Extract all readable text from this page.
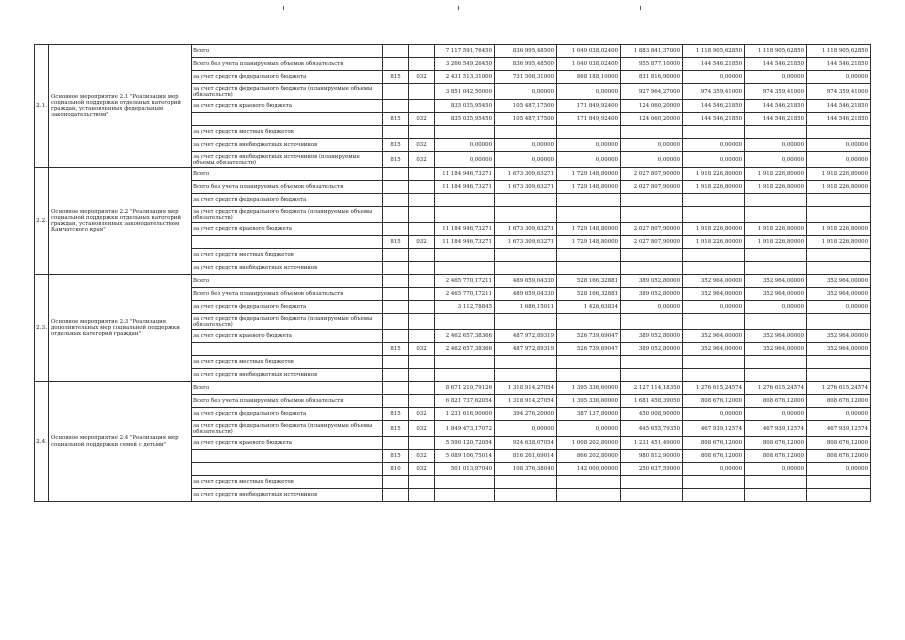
2.1.	Основное мероприятие 2.1 "Реализация мер социальной поддержки отдельных категорий граждан, установленных федеральным законодательством"	Всего			7 117 591,76450	836 995,48500	1 049 038,02400	1 883 841,37000	1 118 905,62850	1 118 905,62850	1 118 905,62850
		Всего без учета планируемых объемов обязательств			3 266 549,26450	836 995,48500	1 040 038,02400	955 877,10000	144 546,21850	144 546,21850	144 546,21850
		за счет средств федерального бюджета	815	032	2 431 513,31000	731 508,31000	868 188,10000	831 816,90000	0,00000	0,00000	0,00000
		за счет средств федерального бюджета (планируемые объемы обязательств)			3 851 042,50000	0,00000	0,00000	927 964,27000	974 359,41000	974 359,41000	974 359,41000
		за счет средств краевого бюджета			835 035,95450	105 487,17500	171 849,92400	124 060,20000	144 546,21850	144 546,21850	144 546,21850
			815	032	835 035,95450	105 487,17500	171 849,92400	124 060,20000	144 546,21850	144 546,21850	144 546,21850
		за счет средств местных бюджетов									
		за счет средств внебюджетных источников	815	032	0,00000	0,00000	0,00000	0,00000	0,00000	0,00000	0,00000
		за счет средств внебюджетных источников (планируемые объемы обязательств)	815	032	0,00000	0,00000	0,00000	0,00000	0,00000	0,00000	0,00000
2.2.	Основное мероприятие 2.2 "Реализация мер социальной поддержки отдельных категорий граждан, установленных законодательством Камчатского края"	Всего			11 184 946,73271	1 673 309,63271	1 729 148,80000	2 027 807,90000	1 918 226,80000	1 918 226,80000	1 918 226,80000
		Всего без учета планируемых объемов обязательств			11 184 946,73271	1 673 309,63271	1 729 148,80000	2 027 807,90000	1 918 226,80000	1 918 226,80000	1 918 226,80000
		за счет средств федерального бюджета									
		за счет средств федерального бюджета (планируемые объемы обязательств)									
		за счет средств краевого бюджета			11 184 946,73271	1 673 309,63271	1 729 148,80000	2 027 807,90000	1 918 226,80000	1 918 226,80000	1 918 226,80000
			815	032	11 184 946,73271	1 673 309,63271	1 729 148,80000	2 027 807,90000	1 918 226,80000	1 918 226,80000	1 918 226,80000
		за счет средств местных бюджетов									
		за счет средств внебюджетных источников									
2.3.	Основное мероприятие 2.3 "Реализация дополнительных мер социальной поддержки отдельных категорий граждан"	Всего			2 465 770,17211	489 659,04330	528 166,32881	389 052,80000	352 964,00000	352 964,00000	352 964,00000
		Всего без учета планируемых объемов обязательств			2 465 770,17211	489 659,04330	528 166,32881	389 052,80000	352 964,00000	352 964,00000	352 964,00000
		за счет средств федерального бюджета			3 112,78845	1 686,15011	1 426,63834	0,00000	0,00000	0,00000	0,00000
		за счет средств федерального бюджета (планируемые объемы обязательств)									
		за счет средств краевого бюджета			2 462 657,38366	487 972,89319	526 739,69047	389 052,80000	352 964,00000	352 964,00000	352 964,00000
			815	032	2 462 657,38366	487 972,89319	526 739,69047	389 052,80000	352 964,00000	352 964,00000	352 964,00000
		за счет средств местных бюджетов									
		за счет средств внебюджетных источников									
2.4.	Основное мероприятие 2.4 "Реализация мер социальной поддержки семей с детьми"	Всего			8 671 210,79126	1 318 914,27054	1 395 336,60000	2 127 114,18350	1 276 615,24574	1 276 615,24574	1 276 615,24574
		Всего без учета планируемых объемов обязательств			6 821 737,62054	1 318 914,27054	1 395 336,60000	1 681 458,39050	808 676,12000	808 676,12000	808 676,12000
		за счет средств федерального бюджета	815	032	1 231 616,90000	394 276,20000	387 137,80000	450 008,90000	0,00000	0,00000	0,00000
		за счет средств федерального бюджета (планируемые объемы обязательств)	815	032	1 849 473,17072	0,00000	0,00000	445 655,79350	467 939,12574	467 939,12574	467 939,12574
		за счет средств краевого бюджета			5 590 120,72054	924 638,07054	1 008 202,80000	1 231 451,49000	808 676,12000	808 676,12000	808 676,12000
			815	032	5 089 106,75014	816 261,69014	866 202,80000	980 812,90000	808 676,12000	808 676,12000	808 676,12000
			810	032	501 013,97040	108 376,38040	142 000,00000	250 637,59000	0,00000	0,00000	0,00000
		за счет средств местных бюджетов									
		за счет средств внебюджетных источников									
